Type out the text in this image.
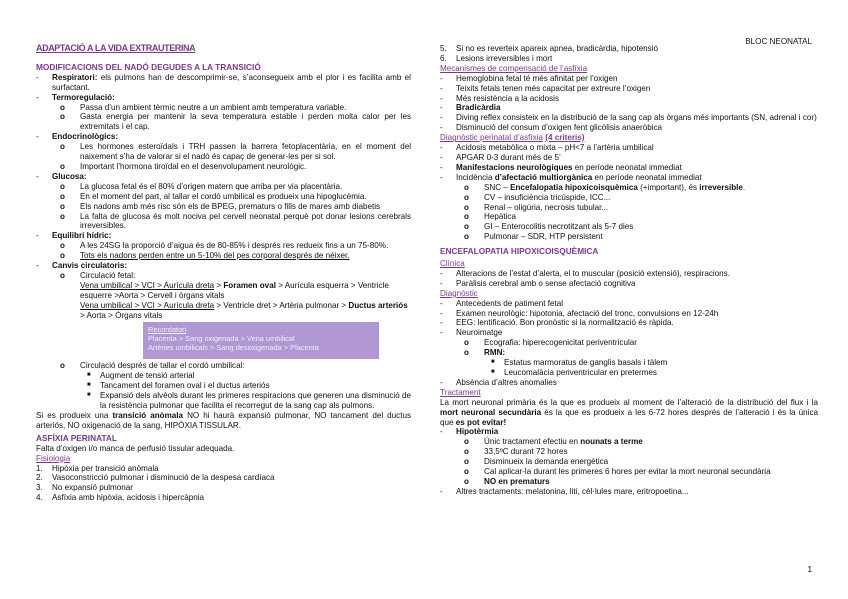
BLOC NEONATAL
ADAPTACIÓ A LA VIDA EXTRAUTERINA
MODIFICACIONS DEL NADÓ DEGUDES A LA TRANSICIÓ
- Respiratori: els pulmons han de descomprimir-se, s’aconsegueix amb el plor i es facilita amb el surfactant.
- Termoregulació:
o Passa d’un ambient tèrmic neutre a un ambient amb temperatura variable.
o Gasta energia per mantenir la seva temperatura estable i perden molta calor per les extremitats i el cap.
- Endocrinològics:
o Les hormones esteroïdals i TRH passen la barrera fetoplacentària, en el moment del naixement s’ha de valorar si el nadó és capaç de generar-les per si sol.
o Important l’hormona tiroïdal en el desenvolupament neurològic.
- Glucosa:
o La glucosa fetal és el 80% d’origen matern que arriba per via placentària.
o En el moment del part, al tallar el cordó umbilical es produeix una hipoglucèmia.
o Els nadons amb més risc són els de BPEG, prematurs o fills de mares amb diabetis
o La falta de glucosa és molt nociva pel cervell neonatal perquè pot donar lesions cerebrals irreversibles.
- Equilibri hídric:
o A les 24SG la proporció d’aigua és de 80-85% i després res redueix fins a un 75-80%.
o Tots els nadons perden entre un 5-10% del pes corporal després de néixer.
- Canvis circulatoris:
o Circulació fetal:
Vena umbilical > VCI > Aurícula dreta > Foramen oval > Aurícula esquerra > Ventricle esquerre >Aorta > Cervell i òrgans vitals
Vena umbilical > VCI > Aurícula dreta > Ventricle dret > Artèria pulmonar > Ductus arteriós > Aorta > Òrgans vitals
Recordatori
Placenta > Sang oxigenada > Vena umbilical
Artèries umbilicals > Sang desoxigenada > Placenta
o Circulació després de tallar el cordó umbilical:
■ Augment de tensió arterial
■ Tancament del foramen oval i el ductus arteriós
■ Expansió dels alvèols durant les primeres respiracions que generen una disminució de la resistència pulmonar que facilita el recorregut de la sang cap als pulmons.
Si es produeix una transició anòmala NO hi haurà expansió pulmonar, NO tancament del ductus arteriós, NO oxigenació de la sang, HIPÒXIA TISSULAR.
ASFÍXIA PERINATAL
Falta d’oxigen i/o manca de perfusió tissular adequada.
Fisiologia
1. Hipòxia per transició anòmala
2. Vasoconstricció pulmonar i disminució de la despesa cardíaca
3. No expansió pulmonar
4. Asfíxia amb hipòxia, acidosis i hipercàpnia
5. Si no es reverteix apareix apnea, bradicàrdia, hipotensió
6. Lesions irreversibles i mort
Mecanismes de compensació de l’asfíxia
- Hemoglobina fetal té més afinitat per l’oxigen
- Teixits fetals tenen més capacitat per extreure l’oxigen
- Més resistència a la acidosis
- Bradicàrdia
- Diving reflex consisteix en la distribució de la sang cap als òrgans més importants (SN, adrenal i cor)
- Disminució del consum d’oxigen fent glicòlisis anaeròbica
Diagnòstic perinatal d’asfíxia (4 criteris)
- Acidosis metabòlica o mixta – pH<7 a l’artèria umbilical
- APGAR 0-3 durant més de 5’
- Manifestacions neurològiques en període neonatal immediat
- Incidència d’afectació multiorgànica en període neonatal immediat
o SNC – Encefalopatia hipoxicoisquèmica (+important), és irreversible.
o CV – insuficiència tricúspide, ICC...
o Renal – oligúria, necrosis tubular...
o Hepàtica
o GI – Enterocolitis necrotitzant als 5-7 dies
o Pulmonar – SDR, HTP persistent
ENCEFALOPATIA HIPOXICOISQUÈMICA
Clínica
- Alteracions de l’estat d’alerta, el to muscular (posició extensió), respiracions.
- Paràlisis cerebral amb o sense afectació cognitiva
Diagnòstic
- Antecedents de patiment fetal
- Examen neurològic: hipotonia, afectació del tronc, convulsions en 12-24h
- EEG: lentificació. Bon pronòstic si la normalització és ràpida.
- Neuroimatge
o Ecografia: hiperecogenicitat periventricular
o RMN:
■ Estatus marmoratus de ganglis basals i tàlem
■ Leucomalàcia periventricular en pretermes
- Absència d’altres anomalies
Tractament
La mort neuronal primària és la que es produeix al moment de l’alteració de la distribució del flux i la mort neuronal secundària és la que es produeix a les 6-72 hores després de l’alteració i és la única que es pot evitar!
- Hipotèrmia
o Únic tractament efectiu en nounats a terme
o 33,5ºC durant 72 hores
o Disminueix la demanda energètica
o Cal aplicar-la durant les primeres 6 hores per evitar la mort neuronal secundària
o NO en prematurs
- Altres tractaments: melatonina, liti, cèl·lules mare, eritropoetina...
1
